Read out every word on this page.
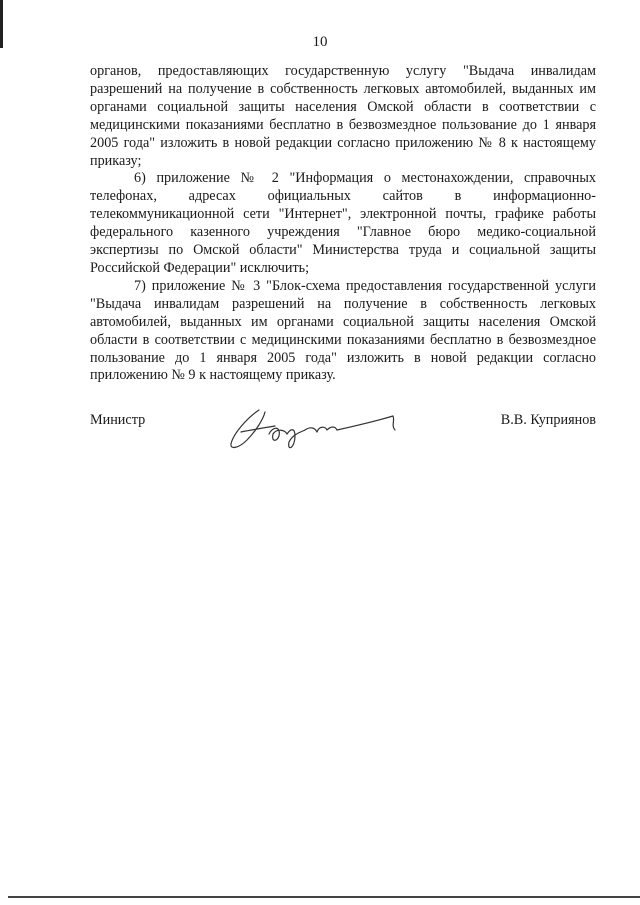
10

органов, предоставляющих государственную услугу "Выдача инвалидам разрешений на получение в собственность легковых автомобилей, выданных им органами социальной защиты населения Омской области в соответствии с медицинскими показаниями бесплатно в безвозмездное пользование до 1 января 2005 года" изложить в новой редакции согласно приложению № 8 к настоящему приказу;

6) приложение № 2 "Информация о местонахождении, справочных телефонах, адресах официальных сайтов в информационно-телекоммуникационной сети "Интернет", электронной почты, графике работы федерального казенного учреждения "Главное бюро медико-социальной экспертизы по Омской области" Министерства труда и социальной защиты Российской Федерации" исключить;

7) приложение № 3 "Блок-схема предоставления государственной услуги "Выдача инвалидам разрешений на получение в собственность легковых автомобилей, выданных им органами социальной защиты населения Омской области в соответствии с медицинскими показаниями бесплатно в безвозмездное пользование до 1 января 2005 года" изложить в новой редакции согласно приложению № 9 к настоящему приказу.

Министр	В.В. Куприянов
